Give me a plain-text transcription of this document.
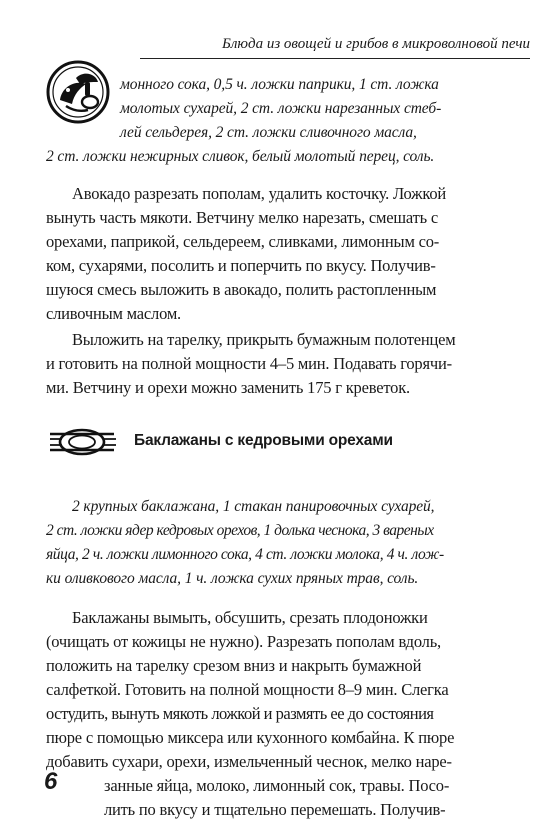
Блюда из овощей и грибов в микроволновой печи
монного сока, 0,5 ч. ложки паприки, 1 ст. ложка
молотых сухарей, 2 ст. ложки нарезанных стеб-
лей сельдерея, 2 ст. ложки сливочного масла,
2 ст. ложки нежирных сливок, белый молотый перец, соль.
Авокадо разрезать пополам, удалить косточку. Ложкой
вынуть часть мякоти. Ветчину мелко нарезать, смешать с
орехами, паприкой, сельдереем, сливками, лимонным со-
ком, сухарями, посолить и поперчить по вкусу. Получив-
шуюся смесь выложить в авокадо, полить растопленным
сливочным маслом.
Выложить на тарелку, прикрыть бумажным полотенцем
и готовить на полной мощности 4–5 мин. Подавать горячи-
ми. Ветчину и орехи можно заменить 175 г креветок.
Баклажаны с кедровыми орехами
2 крупных баклажана, 1 стакан панировочных сухарей,
2 ст. ложки ядер кедровых орехов, 1 долька чеснока, 3 вареных
яйца, 2 ч. ложки лимонного сока, 4 ст. ложки молока, 4 ч. лож-
ки оливкового масла, 1 ч. ложка сухих пряных трав, соль.
Баклажаны вымыть, обсушить, срезать плодоножки
(очищать от кожицы не нужно). Разрезать пополам вдоль,
положить на тарелку срезом вниз и накрыть бумажной
салфеткой. Готовить на полной мощности 8–9 мин. Слегка
остудить, вынуть мякоть ложкой и размять ее до состояния
пюре с помощью миксера или кухонного комбайна. К пюре
добавить сухари, орехи, измельченный чеснок, мелко наре-
занные яйца, молоко, лимонный сок, травы. Посо-
лить по вкусу и тщательно перемешать. Получив-
6
